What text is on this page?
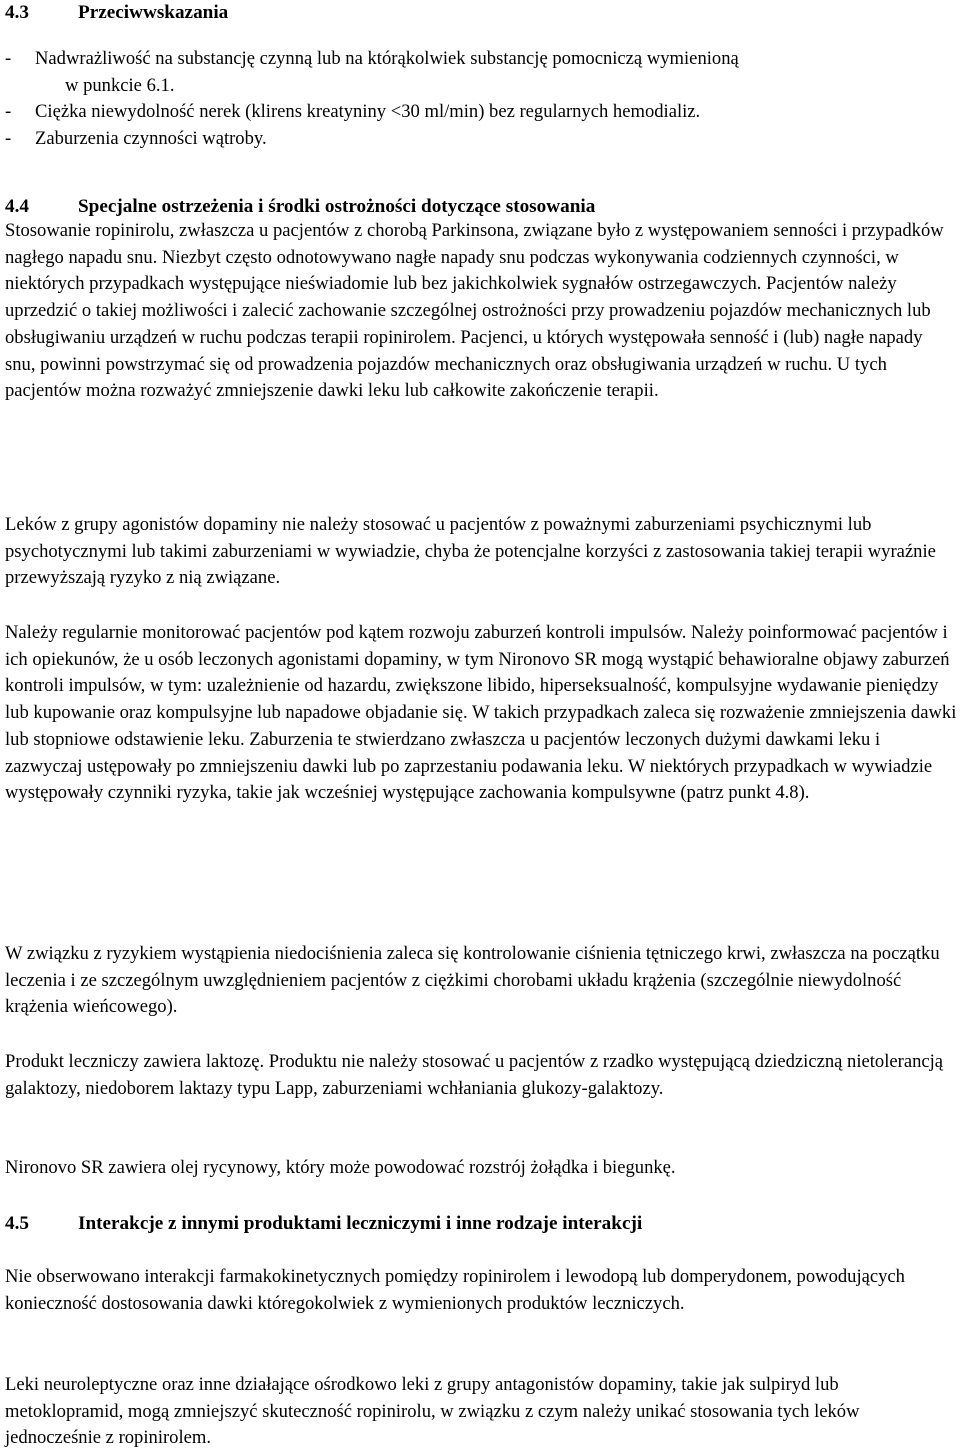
4.3	Przeciwwskazania
- Nadwrażliwość na substancję czynną lub na którąkolwiek substancję pomocniczą wymienioną
w punkcie 6.1.
- Ciężka niewydolność nerek (klirens kreatyniny <30 ml/min) bez regularnych hemodializ.
- Zaburzenia czynności wątroby.
4.4	Specjalne ostrzeżenia i środki ostrożności dotyczące stosowania

Stosowanie ropinirolu, zwłaszcza u pacjentów z chorobą Parkinsona, związane było z występowaniem senności i przypadków nagłego napadu snu. Niezbyt często odnotowywano nagłe napady snu podczas wykonywania codziennych czynności, w niektórych przypadkach występujące nieświadomie lub bez jakichkolwiek sygnałów ostrzegawczych. Pacjentów należy uprzedzić o takiej możliwości i zalecić zachowanie szczególnej ostrożności przy prowadzeniu pojazdów mechanicznych lub obsługiwaniu urządzeń w ruchu podczas terapii ropinirolem. Pacjenci, u których występowała senność i (lub) nagłe napady snu, powinni powstrzymać się od prowadzenia pojazdów mechanicznych oraz obsługiwania urządzeń w ruchu. U tych pacjentów można rozważyć zmniejszenie dawki leku lub całkowite zakończenie terapii.

Leków z grupy agonistów dopaminy nie należy stosować u pacjentów z poważnymi zaburzeniami psychicznymi lub psychotycznymi lub takimi zaburzeniami w wywiadzie, chyba że potencjalne korzyści z zastosowania takiej terapii wyraźnie przewyższają ryzyko z nią związane.

Należy regularnie monitorować pacjentów pod kątem rozwoju zaburzeń kontroli impulsów. Należy poinformować pacjentów i ich opiekunów, że u osób leczonych agonistami dopaminy, w tym Nironovo SR mogą wystąpić behawioralne objawy zaburzeń kontroli impulsów, w tym: uzależnienie od hazardu, zwiększone libido, hiperseksualność, kompulsyjne wydawanie pieniędzy lub kupowanie oraz kompulsyjne lub napadowe objadanie się. W takich przypadkach zaleca się rozważenie zmniejszenia dawki lub stopniowe odstawienie leku. Zaburzenia te stwierdzano zwłaszcza u pacjentów leczonych dużymi dawkami leku i zazwyczaj ustępowały po zmniejszeniu dawki lub po zaprzestaniu podawania leku. W niektórych przypadkach w wywiadzie występowały czynniki ryzyka, takie jak wcześniej występujące zachowania kompulsywne (patrz punkt 4.8).

W związku z ryzykiem wystąpienia niedociśnienia zaleca się kontrolowanie ciśnienia tętniczego krwi, zwłaszcza na początku leczenia i ze szczególnym uwzględnieniem pacjentów z ciężkimi chorobami układu krążenia (szczególnie niewydolność krążenia wieńcowego).

Produkt leczniczy zawiera laktozę. Produktu nie należy stosować u pacjentów z rzadko występującą dziedziczną nietolerancją galaktozy, niedoborem laktazy typu Lapp, zaburzeniami wchłaniania glukozy-galaktozy.

Nironovo SR zawiera olej rycynowy, który może powodować rozstrój żołądka i biegunkę.

4.5	Interakcje z innymi produktami leczniczymi i inne rodzaje interakcji

Nie obserwowano interakcji farmakokinetycznych pomiędzy ropinirolem i lewodopą lub domperydonem, powodujących konieczność dostosowania dawki któregokolwiek z wymienionych produktów leczniczych.

Leki neuroleptyczne oraz inne działające ośrodkowo leki z grupy antagonistów dopaminy, takie jak sulpiryd lub metoklopramid, mogą zmniejszyć skuteczność ropinirolu, w związku z czym należy unikać stosowania tych leków jednocześnie z ropinirolem.
